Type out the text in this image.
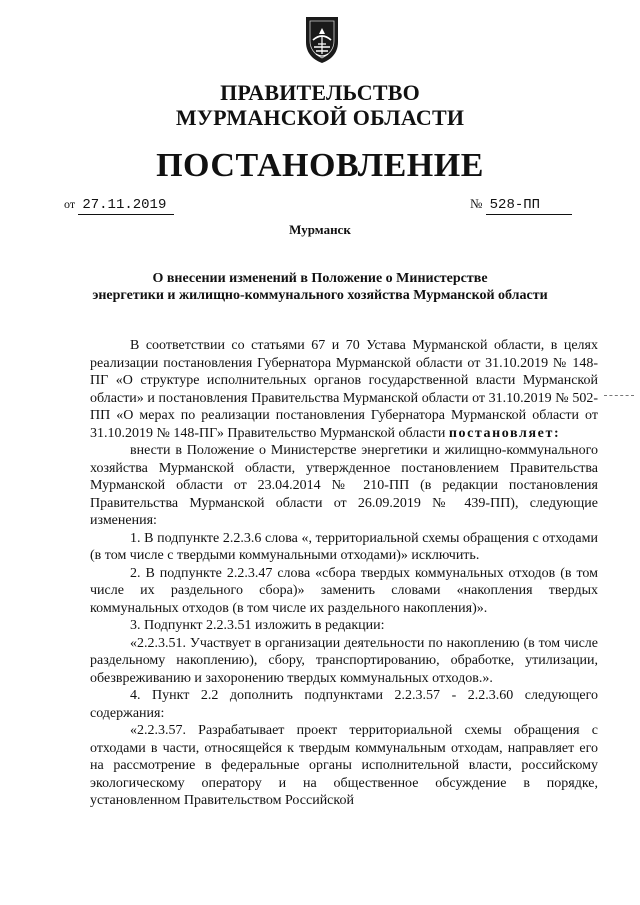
ПРАВИТЕЛЬСТВО
МУРМАНСКОЙ ОБЛАСТИ
ПОСТАНОВЛЕНИЕ
от 27.11.2019	№ 528-ПП
Мурманск
О внесении изменений в Положение о Министерстве
энергетики и жилищно-коммунального хозяйства Мурманской области

В соответствии со статьями 67 и 70 Устава Мурманской области, в целях реализации постановления Губернатора Мурманской области от 31.10.2019 № 148-ПГ «О структуре исполнительных органов государственной власти Мурманской области» и постановления Правительства Мурманской области от 31.10.2019 № 502-ПП «О мерах по реализации постановления Губернатора Мурманской области от 31.10.2019 № 148-ПГ» Правительство Мурманской области постановляет:

внести в Положение о Министерстве энергетики и жилищно-коммунального хозяйства Мурманской области, утвержденное постановлением Правительства Мурманской области от 23.04.2014 № 210-ПП (в редакции постановления Правительства Мурманской области от 26.09.2019 № 439-ПП), следующие изменения:

1. В подпункте 2.2.3.6 слова «, территориальной схемы обращения с отходами (в том числе с твердыми коммунальными отходами)» исключить.

2. В подпункте 2.2.3.47 слова «сбора твердых коммунальных отходов (в том числе их раздельного сбора)» заменить словами «накопления твердых коммунальных отходов (в том числе их раздельного накопления)».

3. Подпункт 2.2.3.51 изложить в редакции:

«2.2.3.51. Участвует в организации деятельности по накоплению (в том числе раздельному накоплению), сбору, транспортированию, обработке, утилизации, обезвреживанию и захоронению твердых коммунальных отходов.».

4. Пункт 2.2 дополнить подпунктами 2.2.3.57 - 2.2.3.60 следующего содержания:

«2.2.3.57. Разрабатывает проект территориальной схемы обращения с отходами в части, относящейся к твердым коммунальным отходам, направляет его на рассмотрение в федеральные органы исполнительной власти, российскому экологическому оператору и на общественное обсуждение в порядке, установленном Правительством Российской
